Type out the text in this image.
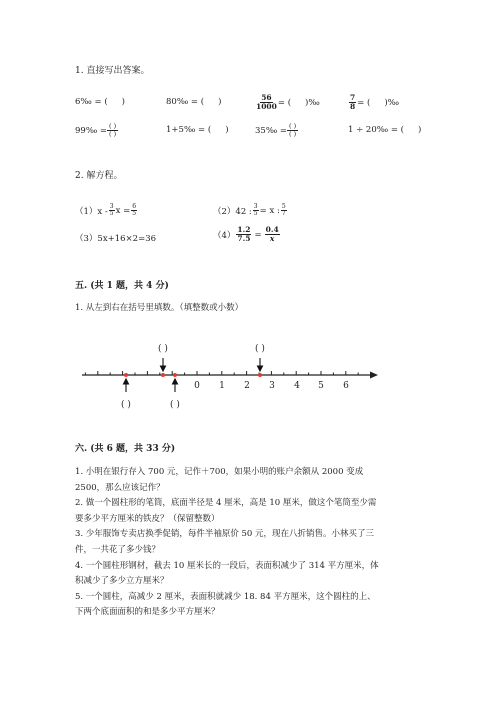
1. 直接写出答案。
6‰ = ( )	80‰ = ( )	$\frac{56}{1000}$ = ( )‰	$\frac{7}{8}$ = ( )‰
99‰ = $\frac{( )}{( )}$	1+5‰ = ( )	35‰ = $\frac{( )}{( )}$	1 ÷ 20‰ = ( )
2. 解方程。
$(1)x - \frac{3}{5}$ $x = \frac{6}{5}$	（2）42 : $\frac{3}{5} = x$ : $\frac{5}{7}$
（3）5x+16×2=36	$(4) \frac{1.2}{7.5} = \frac{0.4}{x}$
五. (共 1 题，共 4 分)
1. 从左到右在括号里填数。（填整数或小数）
0 1 2 3 4 5 6
( )	( )
( )	( )
六. (共 6 题，共 33 分)
1. 小明在银行存入 700 元，记作＋700，如果小明的账户余额从 2000 变成
2500，那么应该记作？
2. 做一个圆柱形的笔筒，底面半径是 4 厘米，高是 10 厘米，做这个笔筒至少需
要多少平方厘米的铁皮？（保留整数）
3. 少年服饰专卖店换季促销，每件半袖原价 50 元，现在八折销售。小林买了三
件，一共花了多少钱？
4. 一个圆柱形钢材，截去 10 厘米长的一段后，表面积减少了 314 平方厘米，体
积减少了多少立方厘米？
5. 一个圆柱，高减少 2 厘米，表面积就减少 18. 84 平方厘米，这个圆柱的上、
下两个底面面积的和是多少平方厘米？
